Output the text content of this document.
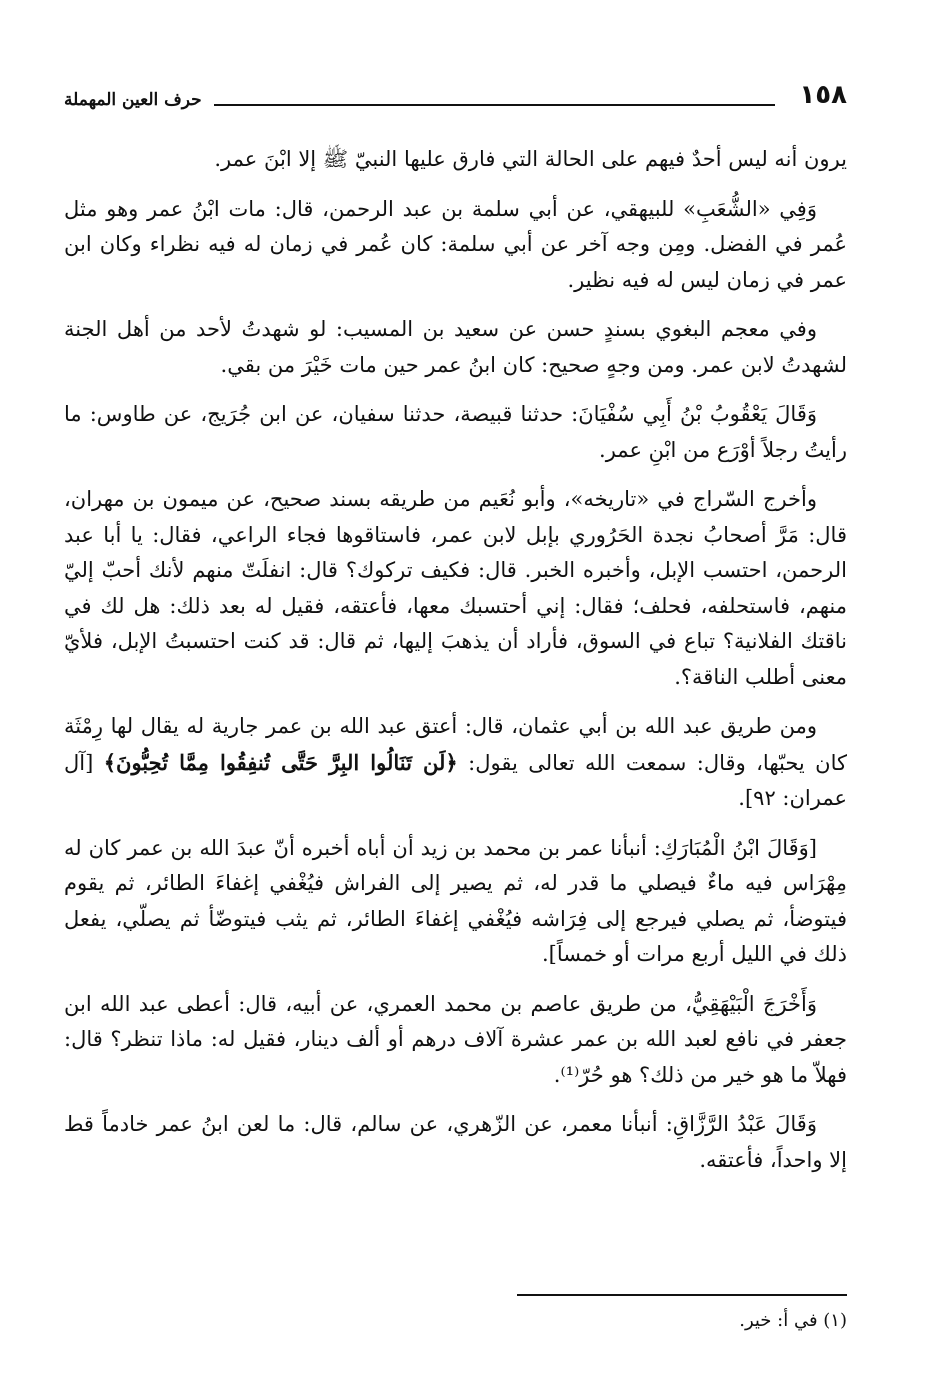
١٥٨
حرف العين المهملة

يرون أنه ليس أحدٌ فيهم على الحالة التي فارق عليها النبيّ ﷺ إلا ابْنَ عمر.

وَفِي «الشُّعَبِ» للبيهقي، عن أبي سلمة بن عبد الرحمن، قال: مات ابْنُ عمر وهو مثل عُمر في الفضل. ومِن وجه آخر عن أبي سلمة: كان عُمر في زمان له فيه نظراء وكان ابن عمر في زمان ليس له فيه نظير.

وفي معجم البغوي بسندٍ حسن عن سعيد بن المسيب: لو شهدتُ لأحد من أهل الجنة لشهدتُ لابن عمر. ومن وجهٍ صحيح: كان ابنُ عمر حين مات خَيْرَ من بقي.

وَقَالَ يَعْقُوبُ بْنُ أَبِي سُفْيَانَ: حدثنا قبيصة، حدثنا سفيان، عن ابن جُرَيج، عن طاوس: ما رأيتُ رجلاً أوْرَع من ابْنِ عمر.

وأخرج السّراج في «تاريخه»، وأبو نُعَيم من طريقه بسند صحيح، عن ميمون بن مهران، قال: مَرَّ أصحابُ نجدة الحَرُوري بإبل لابن عمر، فاستاقوها فجاء الراعي، فقال: يا أبا عبد الرحمن، احتسب الإبل، وأخبره الخبر. قال: فكيف تركوك؟ قال: انفلَتّ منهم لأنك أحبّ إليّ منهم، فاستحلفه، فحلف؛ فقال: إني أحتسبك معها، فأعتقه، فقيل له بعد ذلك: هل لك في ناقتك الفلانية؟ تباع في السوق، فأراد أن يذهبَ إليها، ثم قال: قد كنت احتسبتُ الإبل، فلأيّ معنى أطلب الناقة؟.

ومن طريق عبد الله بن أبي عثمان، قال: أعتق عبد الله بن عمر جارية له يقال لها رِمْثَة كان يحبّها، وقال: سمعت الله تعالى يقول: ﴿لَن تَنَالُوا البِرَّ حَتَّى تُنفِقُوا مِمَّا تُحِبُّونَ﴾ [آل عمران: ٩٢].

[وَقَالَ ابْنُ الْمُبَارَكِ: أنبأنا عمر بن محمد بن زيد أن أباه أخبره أنّ عبدَ الله بن عمر كان له مِهْرَاس فيه ماءٌ فيصلي ما قدر له، ثم يصير إلى الفراش فيُغْفي إغفاءَ الطائر، ثم يقوم فيتوضأ، ثم يصلي فيرجع إلى فِرَاشه فيُغْفي إغفاءَ الطائر، ثم يثب فيتوضّأ ثم يصلّي، يفعل ذلك في الليل أربع مرات أو خمساً].

وَأَخْرَجَ الْبَيْهَقِيُّ، من طريق عاصم بن محمد العمري، عن أبيه، قال: أعطى عبد الله ابن جعفر في نافع لعبد الله بن عمر عشرة آلاف درهم أو ألف دينار، فقيل له: ماذا تنظر؟ قال: فهلاّ ما هو خير من ذلك؟ هو حُرّ⁽¹⁾.

وَقَالَ عَبْدُ الرَّزَّاقِ: أنبأنا معمر، عن الزّهري، عن سالم، قال: ما لعن ابنُ عمر خادماً قط إلا واحداً، فأعتقه.

(١) في أ: خير.
